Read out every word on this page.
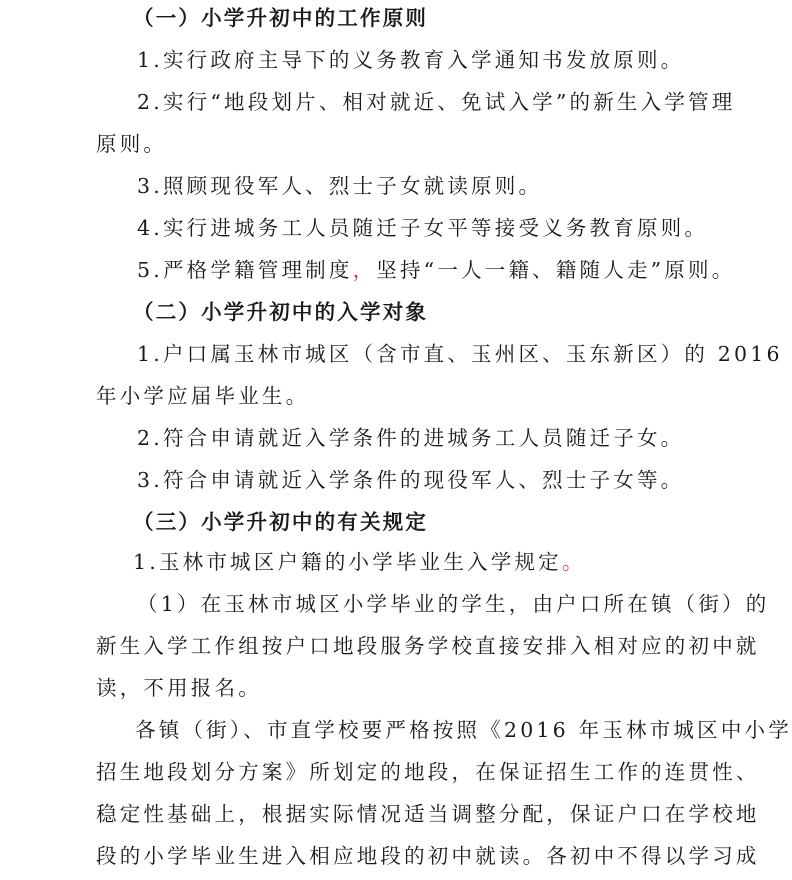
（一）小学升初中的工作原则
1.实行政府主导下的义务教育入学通知书发放原则。
2.实行“地段划片、相对就近、免试入学”的新生入学管理
原则。
3.照顾现役军人、烈士子女就读原则。
4.实行进城务工人员随迁子女平等接受义务教育原则。
5.严格学籍管理制度，坚持“一人一籍、籍随人走”原则。
（二）小学升初中的入学对象
1.户口属玉林市城区（含市直、玉州区、玉东新区）的 2016
年小学应届毕业生。
2.符合申请就近入学条件的进城务工人员随迁子女。
3.符合申请就近入学条件的现役军人、烈士子女等。
（三）小学升初中的有关规定
1.玉林市城区户籍的小学毕业生入学规定。
（1）在玉林市城区小学毕业的学生，由户口所在镇（街）的
新生入学工作组按户口地段服务学校直接安排入相对应的初中就
读，不用报名。
各镇（街）、市直学校要严格按照《2016 年玉林市城区中小学
招生地段划分方案》所划定的地段，在保证招生工作的连贯性、
稳定性基础上，根据实际情况适当调整分配，保证户口在学校地
段的小学毕业生进入相应地段的初中就读。各初中不得以学习成
